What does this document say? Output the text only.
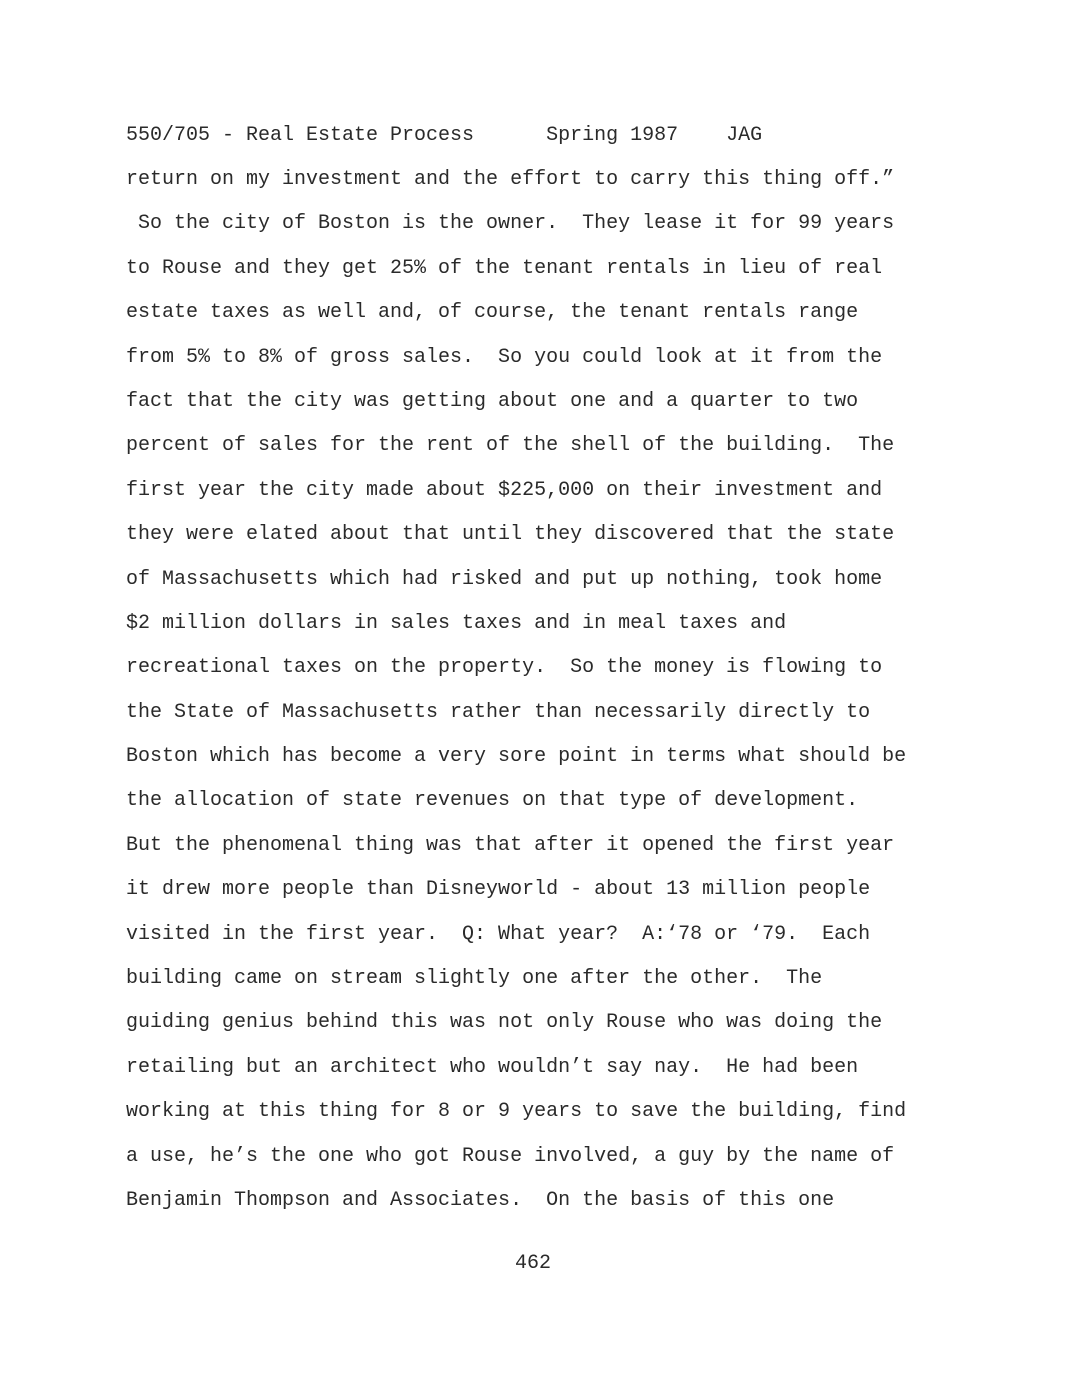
550/705 - Real Estate Process	Spring 1987 JAG
return on my investment and the effort to carry this thing off.”
So the city of Boston is the owner.  They lease it for 99 years
to Rouse and they get 25% of the tenant rentals in lieu of real
estate taxes as well and, of course, the tenant rentals range
from 5% to 8% of gross sales.  So you could look at it from the
fact that the city was getting about one and a quarter to two
percent of sales for the rent of the shell of the building.  The
first year the city made about $225,000 on their investment and
they were elated about that until they discovered that the state
of Massachusetts which had risked and put up nothing, took home
$2 million dollars in sales taxes and in meal taxes and
recreational taxes on the property.  So the money is flowing to
the State of Massachusetts rather than necessarily directly to
Boston which has become a very sore point in terms what should be
the allocation of state revenues on that type of development.
But the phenomenal thing was that after it opened the first year
it drew more people than Disneyworld - about 13 million people
visited in the first year.  Q: What year?  A:‘78 or ‘79.  Each
building came on stream slightly one after the other.  The
guiding genius behind this was not only Rouse who was doing the
retailing but an architect who wouldn’t say nay.  He had been
working at this thing for 8 or 9 years to save the building, find
a use, he’s the one who got Rouse involved, a guy by the name of
Benjamin Thompson and Associates.  On the basis of this one
462
